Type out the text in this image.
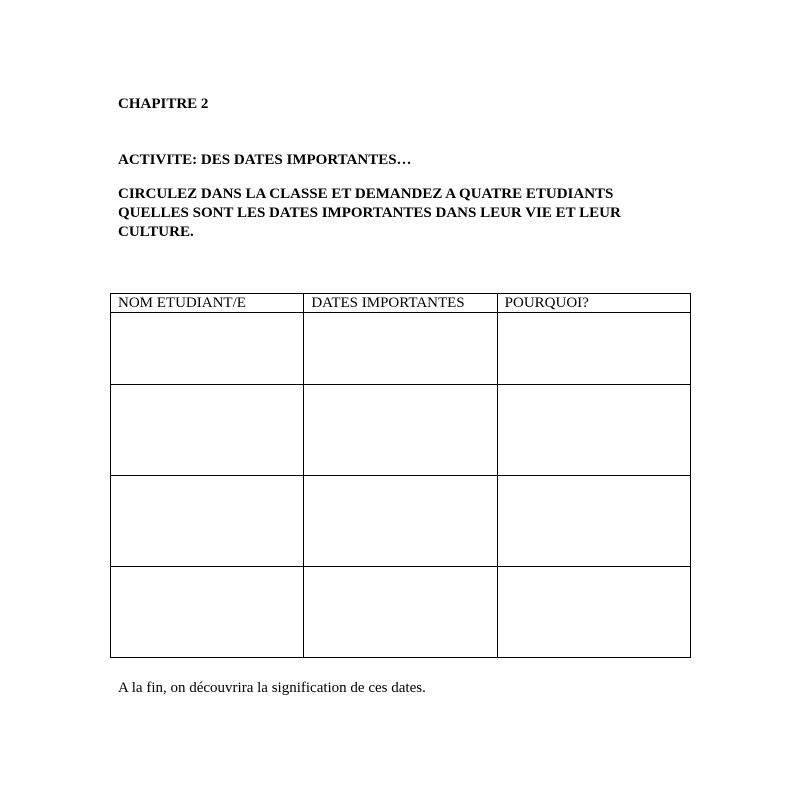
CHAPITRE 2

ACTIVITE: DES DATES IMPORTANTES…

CIRCULEZ DANS LA CLASSE ET DEMANDEZ A QUATRE ETUDIANTS
QUELLES SONT LES DATES IMPORTANTES DANS LEUR VIE ET LEUR
CULTURE.
NOM ETUDIANT/E	DATES IMPORTANTES	POURQUOI?

A la fin, on découvrira la signification de ces dates.
